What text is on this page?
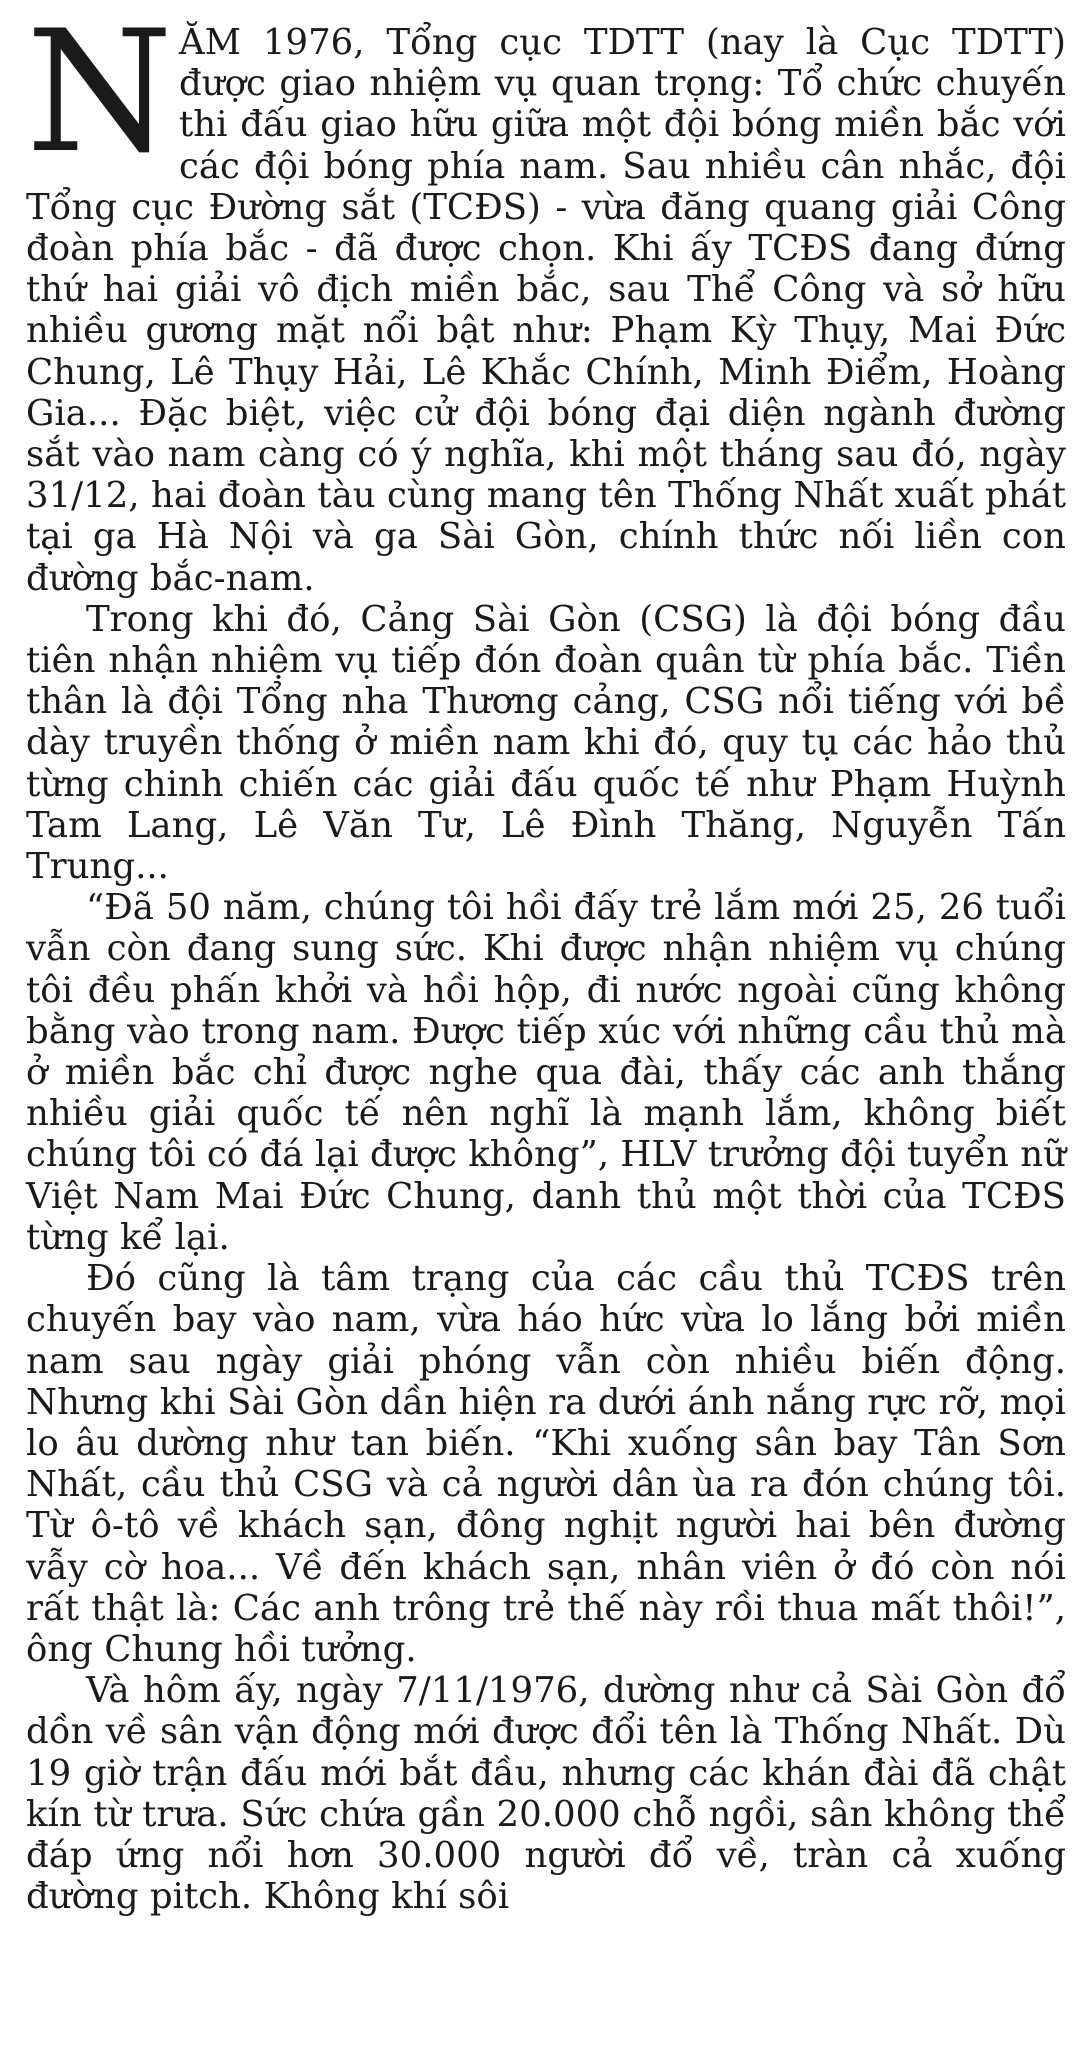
NĂM 1976, Tổng cục TDTT (nay là Cục TDTT) được giao nhiệm vụ quan trọng: Tổ chức chuyến thi đấu giao hữu giữa một đội bóng miền bắc với các đội bóng phía nam. Sau nhiều cân nhắc, đội Tổng cục Đường sắt (TCĐS) - vừa đăng quang giải Công đoàn phía bắc - đã được chọn. Khi ấy TCĐS đang đứng thứ hai giải vô địch miền bắc, sau Thể Công và sở hữu nhiều gương mặt nổi bật như: Phạm Kỳ Thụy, Mai Đức Chung, Lê Thụy Hải, Lê Khắc Chính, Minh Điểm, Hoàng Gia... Đặc biệt, việc cử đội bóng đại diện ngành đường sắt vào nam càng có ý nghĩa, khi một tháng sau đó, ngày 31/12, hai đoàn tàu cùng mang tên Thống Nhất xuất phát tại ga Hà Nội và ga Sài Gòn, chính thức nối liền con đường bắc-nam.

Trong khi đó, Cảng Sài Gòn (CSG) là đội bóng đầu tiên nhận nhiệm vụ tiếp đón đoàn quân từ phía bắc. Tiền thân là đội Tổng nha Thương cảng, CSG nổi tiếng với bề dày truyền thống ở miền nam khi đó, quy tụ các hảo thủ từng chinh chiến các giải đấu quốc tế như Phạm Huỳnh Tam Lang, Lê Văn Tư, Lê Đình Thăng, Nguyễn Tấn Trung...

“Đã 50 năm, chúng tôi hồi đấy trẻ lắm mới 25, 26 tuổi vẫn còn đang sung sức. Khi được nhận nhiệm vụ chúng tôi đều phấn khởi và hồi hộp, đi nước ngoài cũng không bằng vào trong nam. Được tiếp xúc với những cầu thủ mà ở miền bắc chỉ được nghe qua đài, thấy các anh thắng nhiều giải quốc tế nên nghĩ là mạnh lắm, không biết chúng tôi có đá lại được không”, HLV trưởng đội tuyển nữ Việt Nam Mai Đức Chung, danh thủ một thời của TCĐS từng kể lại.

Đó cũng là tâm trạng của các cầu thủ TCĐS trên chuyến bay vào nam, vừa háo hức vừa lo lắng bởi miền nam sau ngày giải phóng vẫn còn nhiều biến động. Nhưng khi Sài Gòn dần hiện ra dưới ánh nắng rực rỡ, mọi lo âu dường như tan biến. “Khi xuống sân bay Tân Sơn Nhất, cầu thủ CSG và cả người dân ùa ra đón chúng tôi. Từ ô-tô về khách sạn, đông nghịt người hai bên đường vẫy cờ hoa... Về đến khách sạn, nhân viên ở đó còn nói rất thật là: Các anh trông trẻ thế này rồi thua mất thôi!”, ông Chung hồi tưởng.

Và hôm ấy, ngày 7/11/1976, dường như cả Sài Gòn đổ dồn về sân vận động mới được đổi tên là Thống Nhất. Dù 19 giờ trận đấu mới bắt đầu, nhưng các khán đài đã chật kín từ trưa. Sức chứa gần 20.000 chỗ ngồi, sân không thể đáp ứng nổi hơn 30.000 người đổ về, tràn cả xuống đường pitch. Không khí sôi
